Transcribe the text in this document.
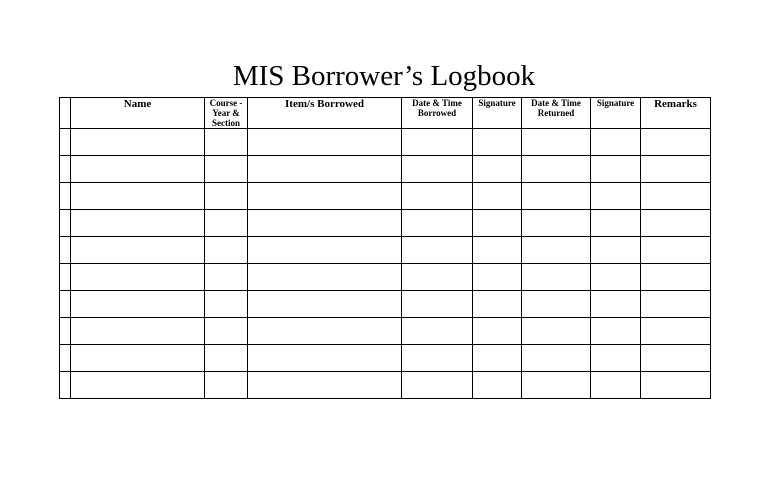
MIS Borrower’s Logbook
	Name	Course - Year & Section	Item/s Borrowed	Date & Time Borrowed	Signature	Date & Time Returned	Signature	Remarks
